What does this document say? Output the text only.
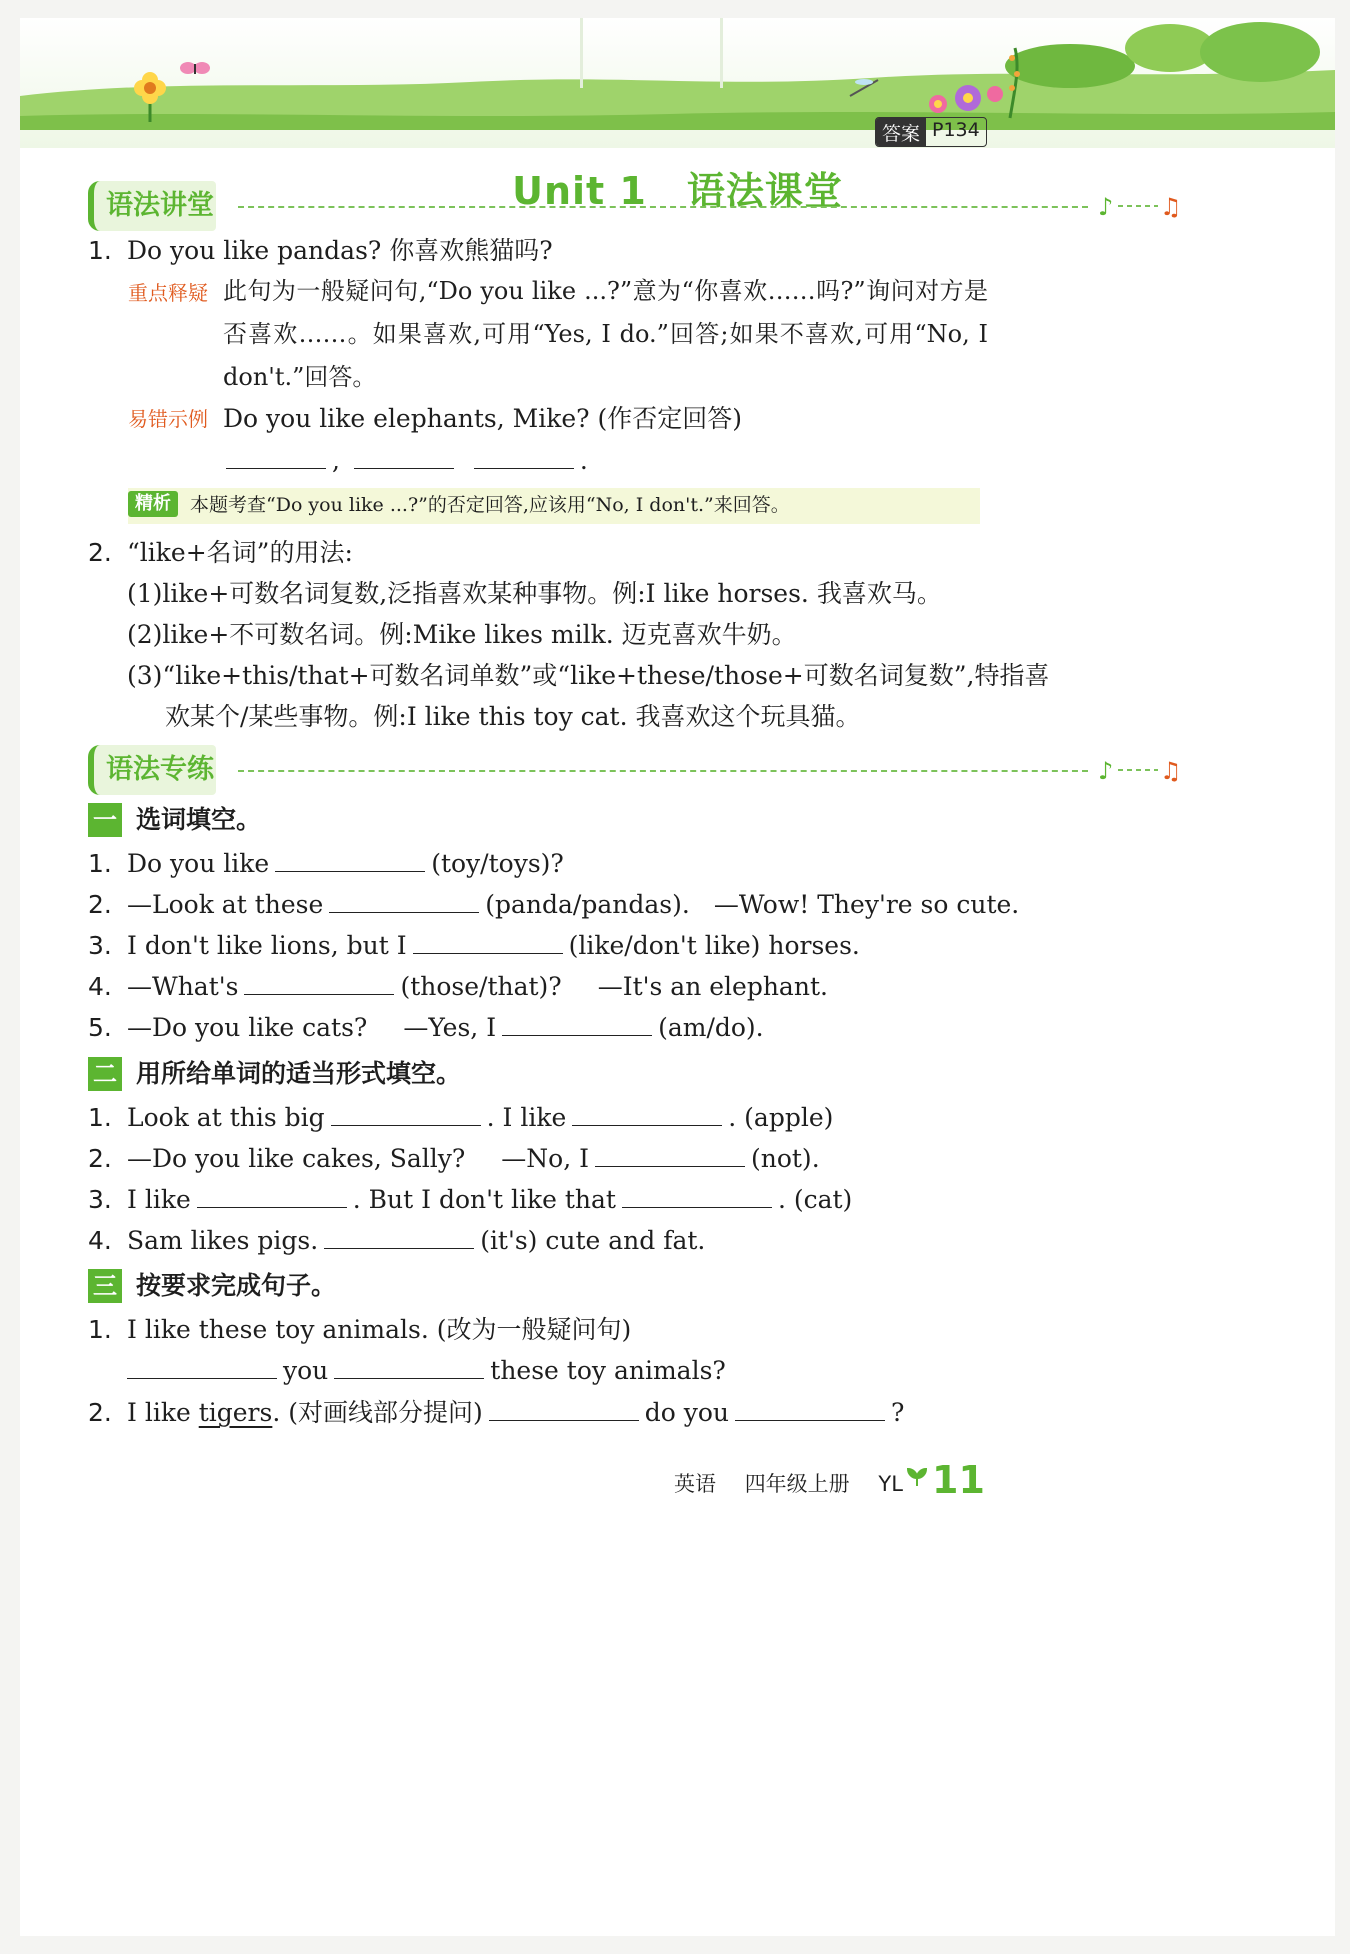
Unit 1 语法课堂
答案 P134
语法讲堂	♪ ♫
1. Do you like pandas? 你喜欢熊猫吗?
重点释疑 此句为一般疑问句,“Do you like ...?”意为“你喜欢……吗?”询问对方是否喜欢……。如果喜欢,可用“Yes, I do.”回答;如果不喜欢,可用“No, I don't.”回答。
易错示例 Do you like elephants, Mike? (作否定回答)
,	.
精析	本题考查“Do you like ...?”的否定回答,应该用“No, I don't.”来回答。
2. “like+名词”的用法:
(1)like+可数名词复数,泛指喜欢某种事物。例:I like horses. 我喜欢马。
(2)like+不可数名词。例:Mike likes milk. 迈克喜欢牛奶。
(3)“like+this/that+可数名词单数”或“like+these/those+可数名词复数”,特指喜
欢某个/某些事物。例:I like this toy cat. 我喜欢这个玩具猫。
语法专练	♪ ♫
一 选词填空。
1. Do you like	(toy/toys)?
2. —Look at these	(panda/pandas). —Wow! They're so cute.
3. I don't like lions, but I	(like/don't like) horses.
4. —What's	(those/that)? —It's an elephant.
5. —Do you like cats? —Yes, I	(am/do).
二 用所给单词的适当形式填空。
1. Look at this big	. I like	. (apple)
2. —Do you like cakes, Sally? —No, I	(not).
3. I like	. But I don't like that	. (cat)
4. Sam likes pigs.	(it's) cute and fat.
三 按要求完成句子。
1. I like these toy animals. (改为一般疑问句)
you	these toy animals?
2. I like tigers. (对画线部分提问)	do you	?
英语 四年级上册 YL 11
